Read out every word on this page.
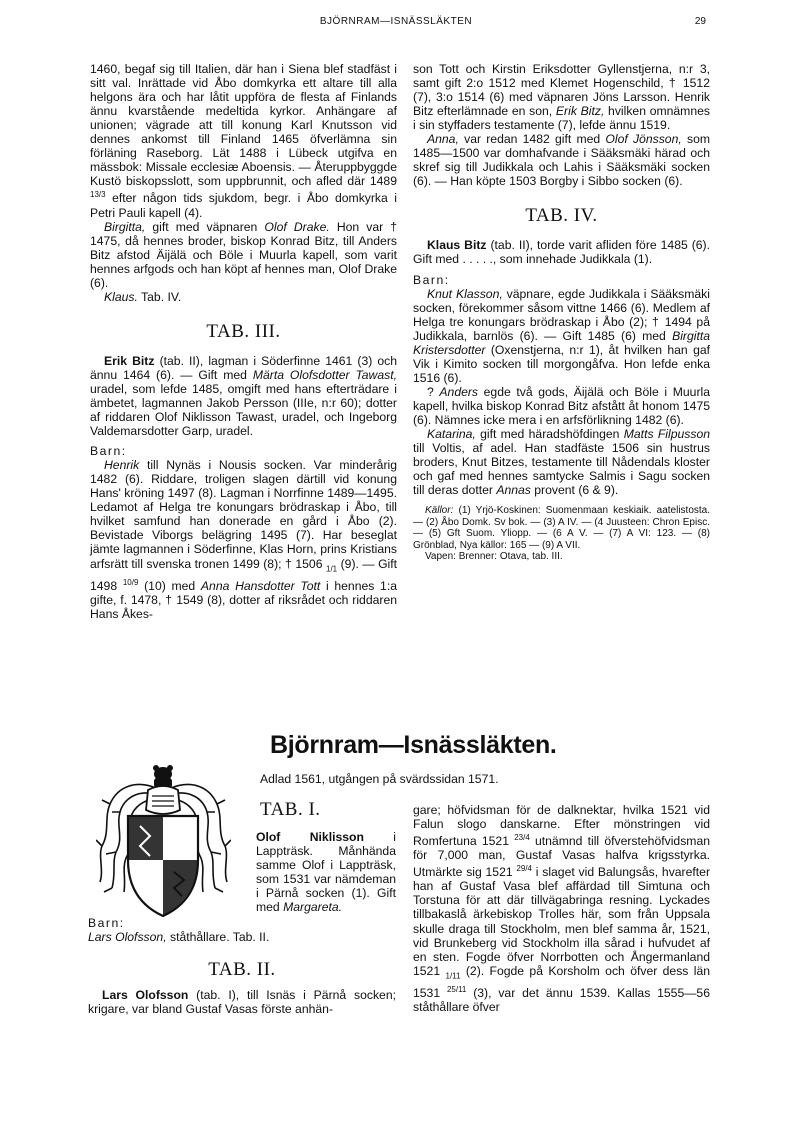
BJÖRNRAM—ISNÄSSLÄKTEN	29

1460, begaf sig till Italien, där han i Siena blef stadfäst i sitt val. Inrättade vid Åbo domkyrka ett altare till alla helgons ära och har låtit uppföra de flesta af Finlands ännu kvarstående medeltida kyrkor. Anhängare af unionen; vägrade att till konung Karl Knutsson vid dennes ankomst till Finland 1465 öfverlämna sin förläning Raseborg. Lät 1488 i Lübeck utgifva en mässbok: Missale ecclesiæ Aboensis. — Återuppbyggde Kustö biskopsslott, som uppbrunnit, och afled där 1489 $^{13/3}$ efter någon tids sjukdom, begr. i Åbo domkyrka i Petri Pauli kapell (4).

Birgitta, gift med väpnaren Olof Drake. Hon var † 1475, då hennes broder, biskop Konrad Bitz, till Anders Bitz afstod Äijälä och Böle i Muurla kapell, som varit hennes arfgods och han köpt af hennes man, Olof Drake (6).

Klaus. Tab. IV.

TAB. III.

Erik Bitz (tab. II), lagman i Söderfinne 1461 (3) och ännu 1464 (6). — Gift med Märta Olofsdotter Tawast, uradel, som lefde 1485, omgift med hans efterträdare i ämbetet, lagmannen Jakob Persson (IIIe, n:r 60); dotter af riddaren Olof Niklisson Tawast, uradel, och Ingeborg Valdemarsdotter Garp, uradel.

Barn:

Henrik till Nynäs i Nousis socken. Var minderårig 1482 (6). Riddare, troligen slagen därtill vid konung Hans' kröning 1497 (8). Lagman i Norrfinne 1489—1495. Ledamot af Helga tre konungars brödraskap i Åbo, till hvilket samfund han donerade en gård i Åbo (2). Bevistade Viborgs belägring 1495 (7). Har beseglat jämte lagmannen i Söderfinne, Klas Horn, prins Kristians arfsrätt till svenska tronen 1499 (8); † 1506 $_{1/1}$ (9). — Gift 1498 $^{10/9}$ (10) med Anna Hansdotter Tott i hennes 1:a gifte, f. 1478, † 1549 (8), dotter af riksrådet och riddaren Hans Åkes-

son Tott och Kirstin Eriksdotter Gyllenstjerna, n:r 3, samt gift 2:o 1512 med Klemet Hogenschild, † 1512 (7), 3:o 1514 (6) med väpnaren Jöns Larsson. Henrik Bitz efterlämnade en son, Erik Bitz, hvilken omnämnes i sin styffaders testamente (7), lefde ännu 1519.

Anna, var redan 1482 gift med Olof Jönsson, som 1485—1500 var domhafvande i Sääksmäki härad och skref sig till Judikkala och Lahis i Sääksmäki socken (6). — Han köpte 1503 Borgby i Sibbo socken (6).

TAB. IV.

Klaus Bitz (tab. II), torde varit afliden före 1485 (6). Gift med . . . . ., som innehade Judikkala (1).

Barn:

Knut Klasson, väpnare, egde Judikkala i Sääksmäki socken, förekommer såsom vittne 1466 (6). Medlem af Helga tre konungars brödraskap i Åbo (2); † 1494 på Judikkala, barnlös (6). — Gift 1485 (6) med Birgitta Kristersdotter (Oxenstjerna, n:r 1), åt hvilken han gaf Vik i Kimito socken till morgongåfva. Hon lefde enka 1516 (6).

? Anders egde två gods, Äijälä och Böle i Muurla kapell, hvilka biskop Konrad Bitz afstått åt honom 1475 (6). Nämnes icke mera i en arfsförlikning 1482 (6).

Katarina, gift med häradshöfdingen Matts Filpusson till Voltis, af adel. Han stadfäste 1506 sin hustrus broders, Knut Bitzes, testamente till Nådendals kloster och gaf med hennes samtycke Salmis i Sagu socken till deras dotter Annas provent (6 & 9).

Källor: (1) Yrjö-Koskinen: Suomenmaan keskiaik. aatelistosta. — (2) Åbo Domk. Sv bok. — (3) A IV. — (4 Juusteen: Chron Episc. — (5) Gft Suom. Yliopp. — (6 A V. — (7) A VI: 123. — (8) Grönblad, Nya källor: 165 — (9) A VII.

Vapen: Brenner: Otava, tab. III.

Björnram—Isnässläkten.
Adlad 1561, utgången på svärdssidan 1571.

TAB. I.

Olof Niklisson i Lappträsk. Månhända samme Olof i Lappträsk, som 1531 var nämdeman i Pärnå socken (1). Gift med Margareta.

Barn:

Lars Olofsson, ståthållare. Tab. II.

TAB. II.

Lars Olofsson (tab. I), till Isnäs i Pärnå socken; krigare, var bland Gustaf Vasas förste anhän-

gare; höfvidsman för de dalknektar, hvilka 1521 vid Falun slogo danskarne. Efter mönstringen vid Romfertuna 1521 $^{23/4}$ utnämnd till öfverstehöfvidsman för 7,000 man, Gustaf Vasas halfva krigsstyrka. Utmärkte sig 1521 $^{29/4}$ i slaget vid Balungsås, hvarefter han af Gustaf Vasa blef affärdad till Simtuna och Torstuna för att där tillvägabringa resning. Lyckades tillbakaslå ärkebiskop Trolles här, som från Uppsala skulle draga till Stockholm, men blef samma år, 1521, vid Brunkeberg vid Stockholm illa sårad i hufvudet af en sten. Fogde öfver Norrbotten och Ångermanland 1521 $_{1/11}$ (2). Fogde på Korsholm och öfver dess län 1531 $^{25/11}$ (3), var det ännu 1539. Kallas 1555—56 ståthållare öfver
